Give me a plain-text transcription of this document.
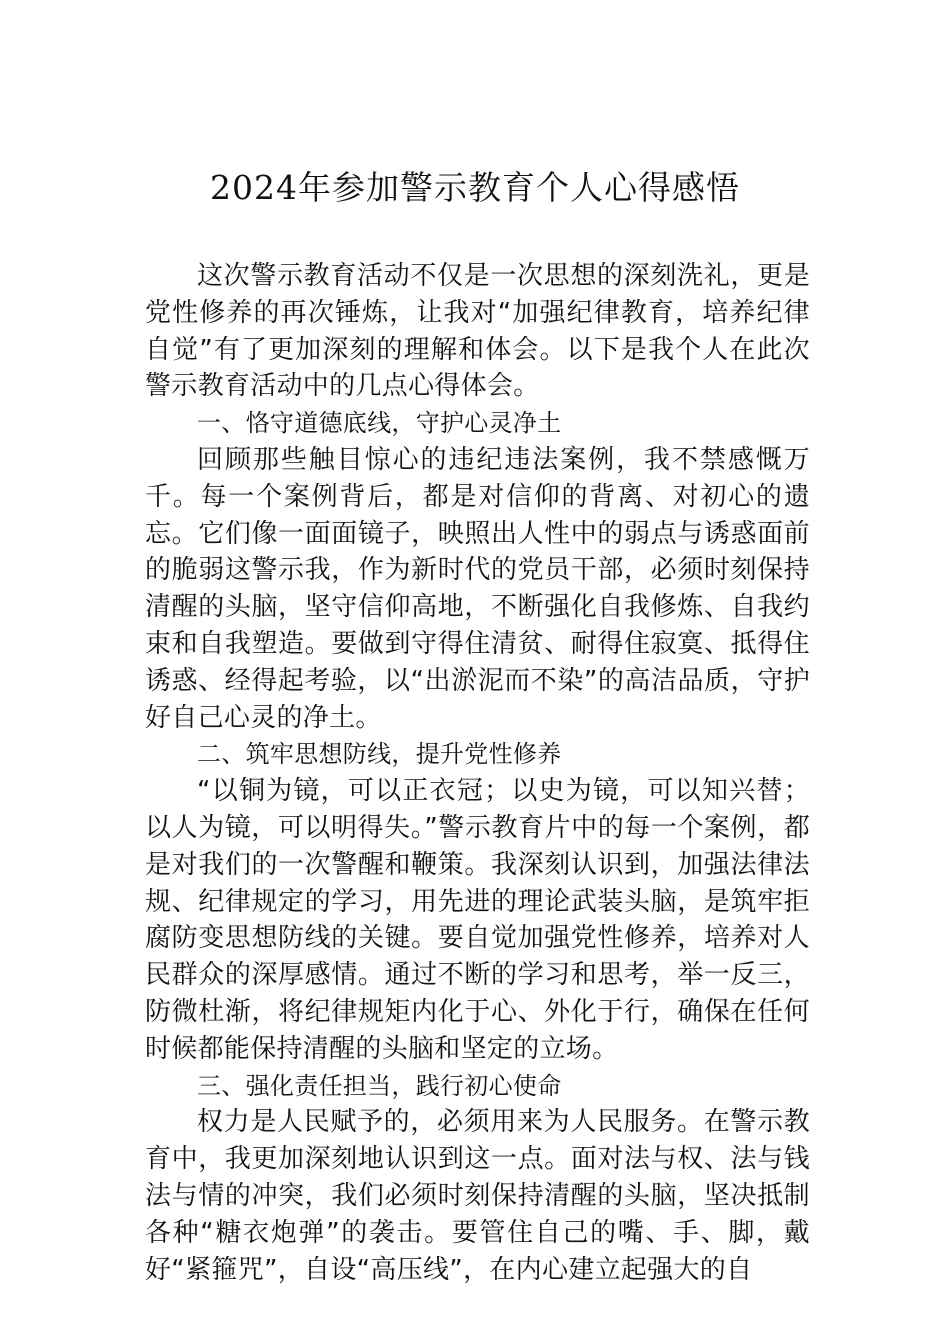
2024年参加警示教育个人心得感悟

这次警示教育活动不仅是一次思想的深刻洗礼，更是党性修养的再次锤炼，让我对“加强纪律教育，培养纪律自觉”有了更加深刻的理解和体会。以下是我个人在此次警示教育活动中的几点心得体会。

一、恪守道德底线，守护心灵净土

回顾那些触目惊心的违纪违法案例，我不禁感慨万千。每一个案例背后，都是对信仰的背离、对初心的遗忘。它们像一面面镜子，映照出人性中的弱点与诱惑面前的脆弱这警示我，作为新时代的党员干部，必须时刻保持清醒的头脑，坚守信仰高地，不断强化自我修炼、自我约束和自我塑造。要做到守得住清贫、耐得住寂寞、抵得住诱惑、经得起考验，以“出淤泥而不染”的高洁品质，守护好自己心灵的净土。

二、筑牢思想防线，提升党性修养

“以铜为镜，可以正衣冠；以史为镜，可以知兴替；以人为镜，可以明得失。”警示教育片中的每一个案例，都是对我们的一次警醒和鞭策。我深刻认识到，加强法律法规、纪律规定的学习，用先进的理论武装头脑，是筑牢拒腐防变思想防线的关键。要自觉加强党性修养，培养对人民群众的深厚感情。通过不断的学习和思考，举一反三，防微杜渐，将纪律规矩内化于心、外化于行，确保在任何时候都能保持清醒的头脑和坚定的立场。

三、强化责任担当，践行初心使命

权力是人民赋予的，必须用来为人民服务。在警示教育中，我更加深刻地认识到这一点。面对法与权、法与钱法与情的冲突，我们必须时刻保持清醒的头脑，坚决抵制各种“糖衣炮弹”的袭击。要管住自己的嘴、手、脚，戴好“紧箍咒”，自设“高压线”，在内心建立起强大的自
